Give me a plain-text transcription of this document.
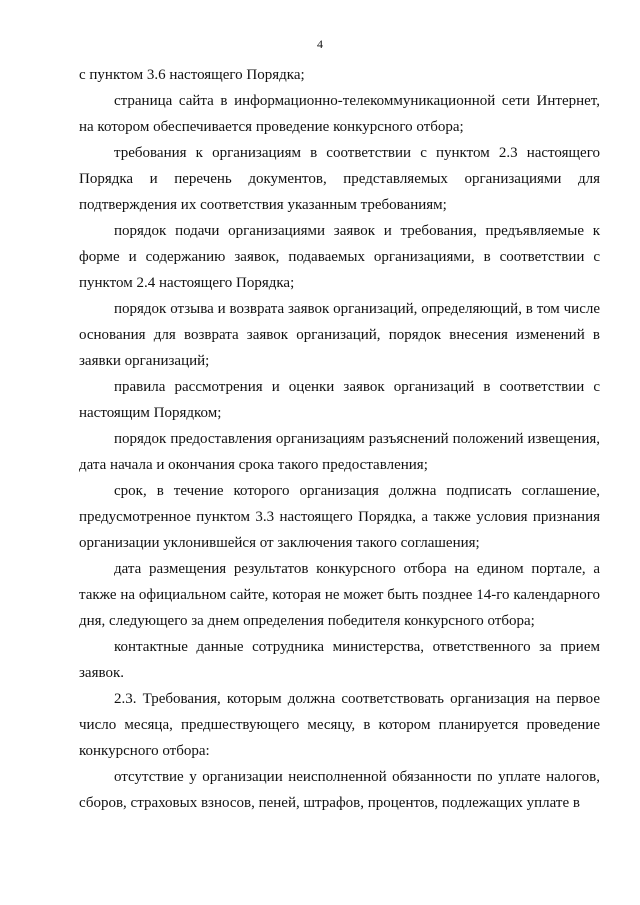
4

с пунктом 3.6 настоящего Порядка;

страница сайта в информационно-телекоммуникационной сети Интернет, на котором обеспечивается проведение конкурсного отбора;

требования к организациям в соответствии с пунктом 2.3 настоящего Порядка и перечень документов, представляемых организациями для подтверждения их соответствия указанным требованиям;

порядок подачи организациями заявок и требования, предъявляемые к форме и содержанию заявок, подаваемых организациями, в соответствии с пунктом 2.4 настоящего Порядка;

порядок отзыва и возврата заявок организаций, определяющий, в том числе основания для возврата заявок организаций, порядок внесения изменений в заявки организаций;

правила рассмотрения и оценки заявок организаций в соответствии с настоящим Порядком;

порядок предоставления организациям разъяснений положений извещения, дата начала и окончания срока такого предоставления;

срок, в течение которого организация должна подписать соглашение, предусмотренное пунктом 3.3 настоящего Порядка, а также условия признания организации уклонившейся от заключения такого соглашения;

дата размещения результатов конкурсного отбора на едином портале, а также на официальном сайте, которая не может быть позднее 14-го календарного дня, следующего за днем определения победителя конкурсного отбора;

контактные данные сотрудника министерства, ответственного за прием заявок.

2.3. Требования, которым должна соответствовать организация на первое число месяца, предшествующего месяцу, в котором планируется проведение конкурсного отбора:

отсутствие у организации неисполненной обязанности по уплате налогов, сборов, страховых взносов, пеней, штрафов, процентов, подлежащих уплате в
